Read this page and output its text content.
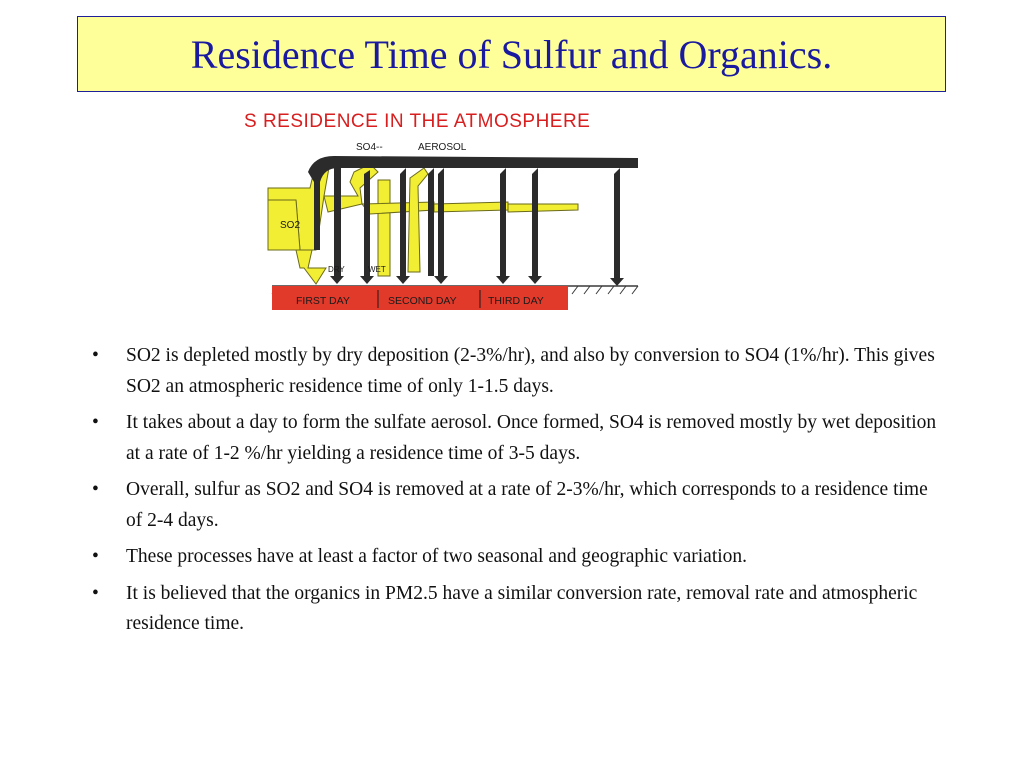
Residence Time of Sulfur and Organics.
S RESIDENCE IN THE ATMOSPHERE
SO4--	AEROSOL
SO2
DRY	WET
FIRST DAY	SECOND DAY	THIRD DAY
• SO2 is depleted mostly by dry deposition (2-3%/hr), and also by conversion to SO4 (1%/hr). This gives SO2 an atmospheric residence time of only 1-1.5 days.
• It takes about a day to form the sulfate aerosol. Once formed, SO4 is removed mostly by wet deposition at a rate of 1-2 %/hr yielding a residence time of 3-5 days.
• Overall, sulfur as SO2 and SO4 is removed at a rate of 2-3%/hr, which corresponds to a residence time of 2-4 days.
• These processes have at least a factor of two seasonal and geographic variation.
• It is believed that the organics in PM2.5 have a similar conversion rate, removal rate and atmospheric residence time.
